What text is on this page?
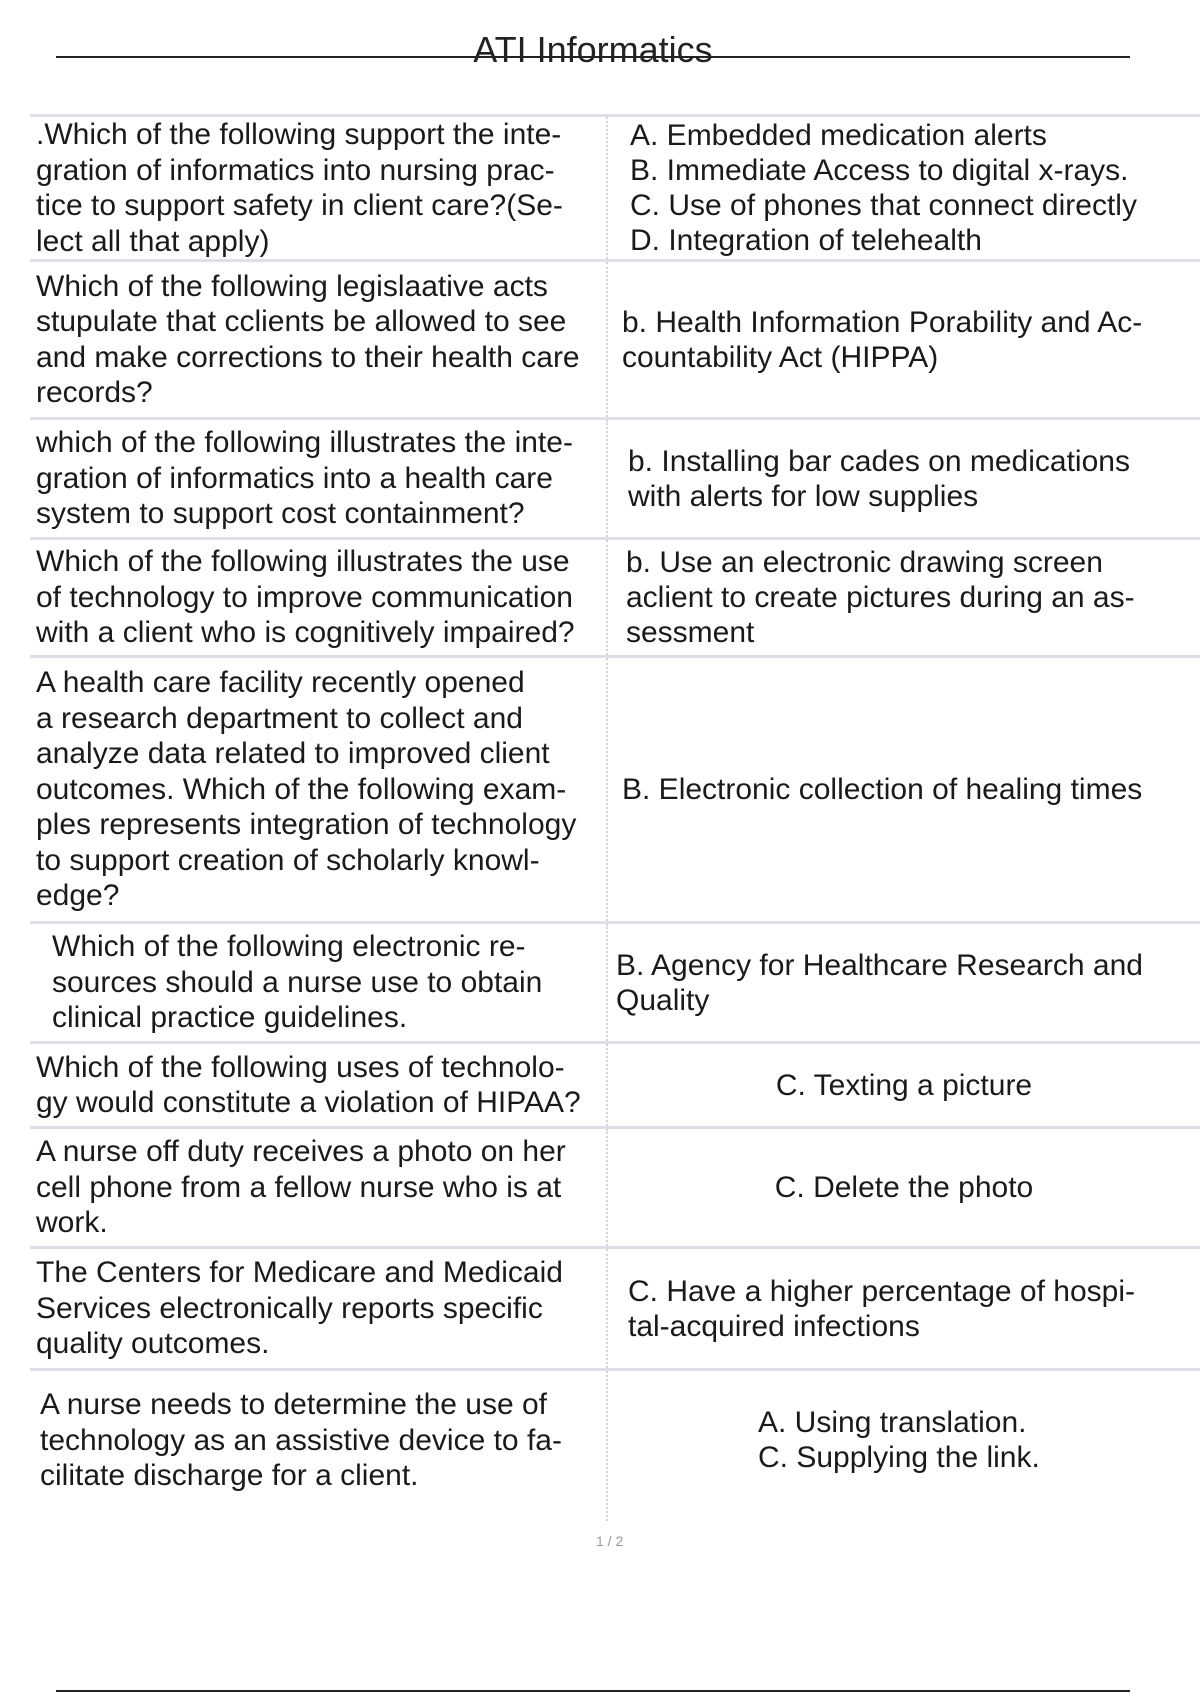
ATI Informatics
.Which of the following support the inte-
gration of informatics into nursing prac-
tice to support safety in client care?(Se-
lect all that apply)
A. Embedded medication alerts
B. Immediate Access to digital x-rays.
C. Use of phones that connect directly
D. Integration of telehealth
Which of the following legislaative acts
stupulate that cclients be allowed to see
and make corrections to their health care
records?
b. Health Information Porability and Ac-
countability Act (HIPPA)
which of the following illustrates the inte-
gration of informatics into a health care
system to support cost containment?
b. Installing bar cades on medications
with alerts for low supplies
Which of the following illustrates the use
of technology to improve communication
with a client who is cognitively impaired?
b. Use an electronic drawing screen
aclient to create pictures during an as-
sessment
A health care facility recently opened
a research department to collect and
analyze data related to improved client
outcomes. Which of the following exam-
ples represents integration of technology
to support creation of scholarly knowl-
edge?
B. Electronic collection of healing times
Which of the following electronic re-
sources should a nurse use to obtain
clinical practice guidelines.
B. Agency for Healthcare Research and
Quality
Which of the following uses of technolo-
gy would constitute a violation of HIPAA?
C. Texting a picture
A nurse off duty receives a photo on her
cell phone from a fellow nurse who is at
work.
C. Delete the photo
The Centers for Medicare and Medicaid
Services electronically reports specific
quality outcomes.
C. Have a higher percentage of hospi-
tal-acquired infections
A nurse needs to determine the use of
technology as an assistive device to fa-
cilitate discharge for a client.
A. Using translation.
C. Supplying the link.
1 / 2
